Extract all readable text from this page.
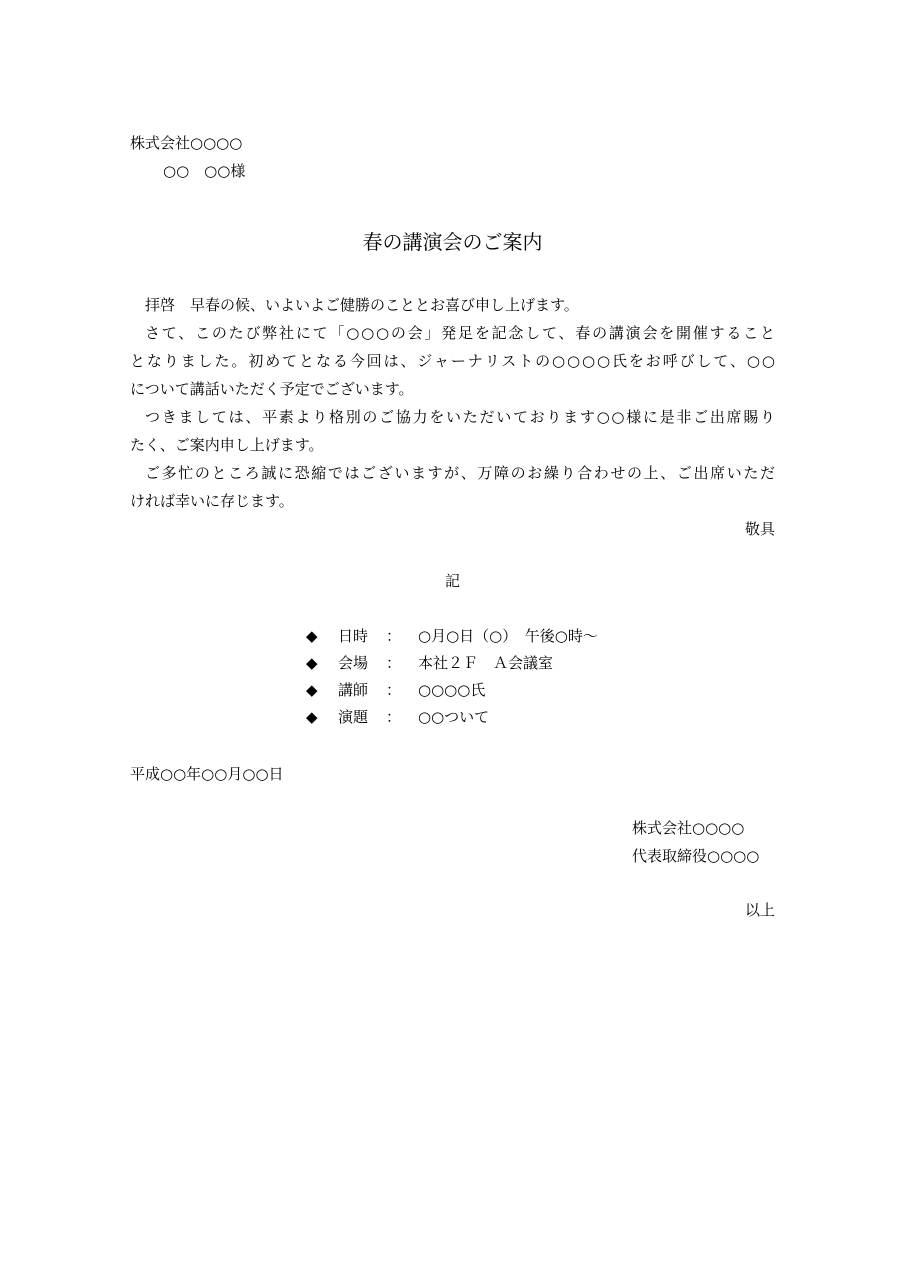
株式会社○○○○
○○　○○様
春の講演会のご案内
拝啓　早春の候、いよいよご健勝のこととお喜び申し上げます。
さて、このたび弊社にて「○○○の会」発足を記念して、春の講演会を開催すること
となりました。初めてとなる今回は、ジャーナリストの○○○○氏をお呼びして、○○
について講話いただく予定でございます。
つきましては、平素より格別のご協力をいただいております○○様に是非ご出席賜り
たく、ご案内申し上げます。
ご多忙のところ誠に恐縮ではございますが、万障のお繰り合わせの上、ご出席いただ
ければ幸いに存じます。
敬具
記
◆ 日時 ： ○月○日（○）　午後○時～
◆ 会場 ： 本社２Ｆ　Ａ会議室
◆ 講師 ： ○○○○氏
◆ 演題 ： ○○ついて
平成○○年○○月○○日
株式会社○○○○
代表取締役○○○○
以上
